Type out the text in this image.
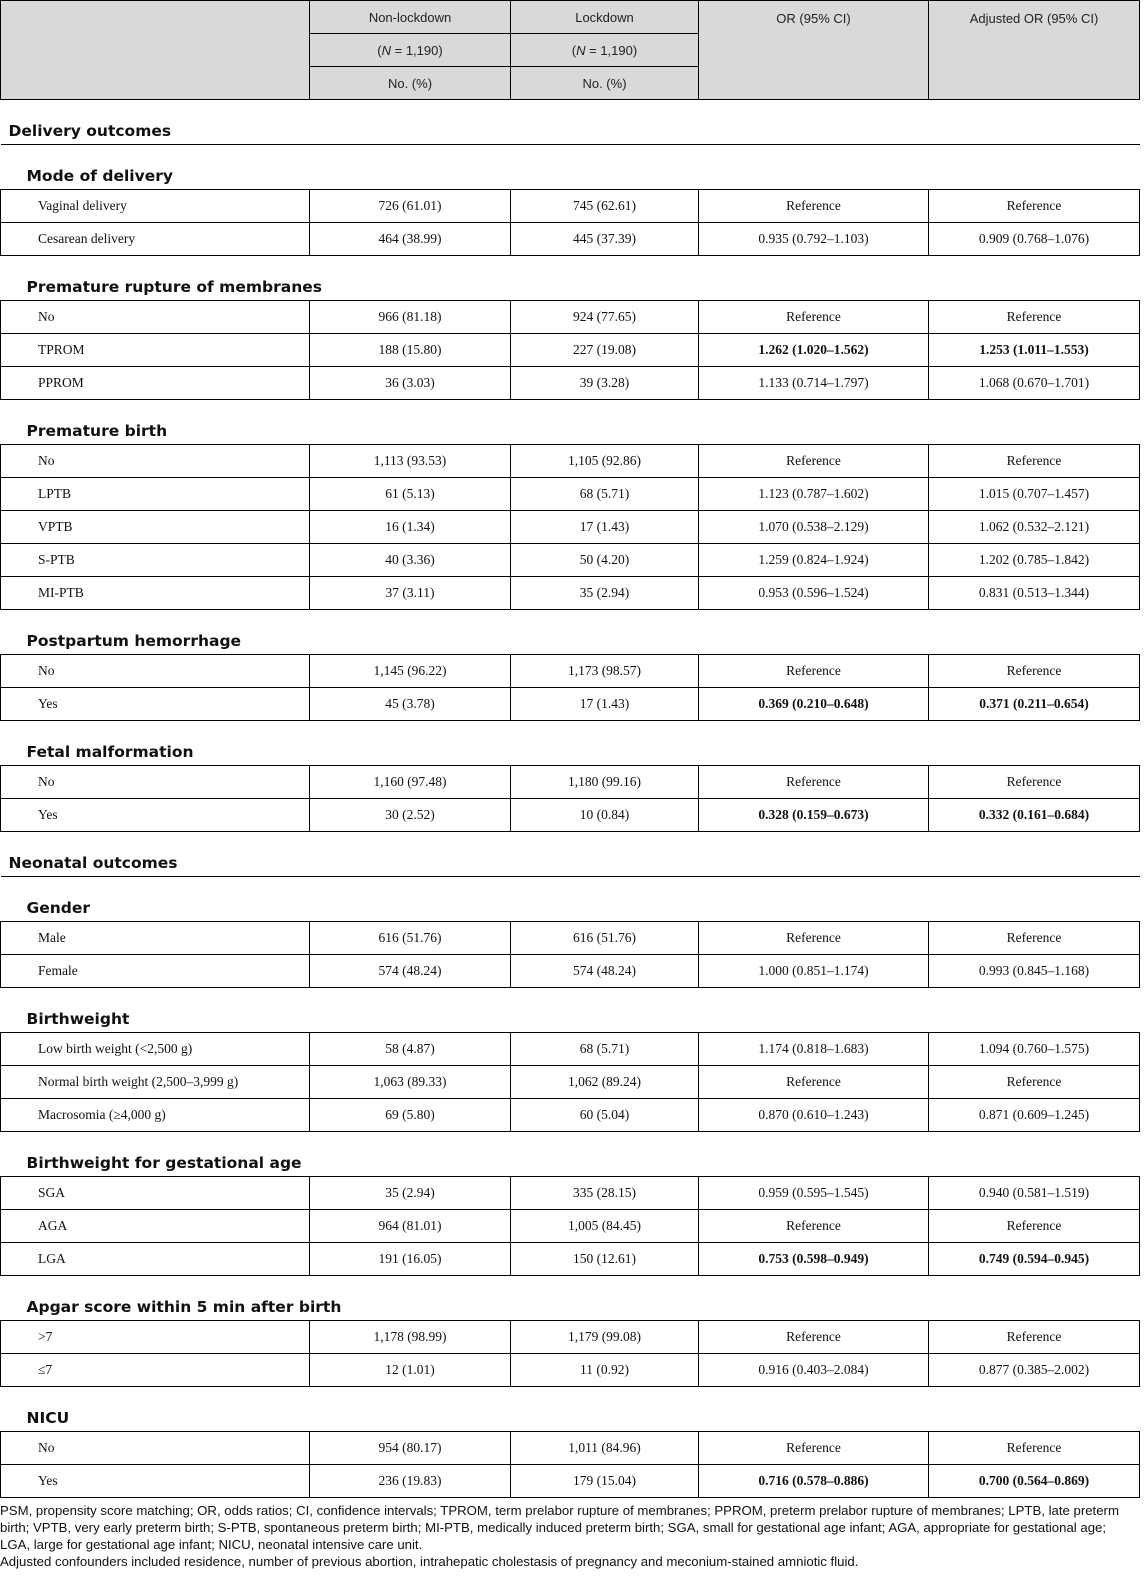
	Non-lockdown	Lockdown	OR (95% CI)	Adjusted OR (95% CI)
	(N = 1,190)	(N = 1,190)		
	No. (%)	No. (%)		
Delivery outcomes				
Mode of delivery				
Vaginal delivery	726 (61.01)	745 (62.61)	Reference	Reference
Cesarean delivery	464 (38.99)	445 (37.39)	0.935 (0.792–1.103)	0.909 (0.768–1.076)
Premature rupture of membranes				
No	966 (81.18)	924 (77.65)	Reference	Reference
TPROM	188 (15.80)	227 (19.08)	1.262 (1.020–1.562)	1.253 (1.011–1.553)
PPROM	36 (3.03)	39 (3.28)	1.133 (0.714–1.797)	1.068 (0.670–1.701)
Premature birth				
No	1,113 (93.53)	1,105 (92.86)	Reference	Reference
LPTB	61 (5.13)	68 (5.71)	1.123 (0.787–1.602)	1.015 (0.707–1.457)
VPTB	16 (1.34)	17 (1.43)	1.070 (0.538–2.129)	1.062 (0.532–2.121)
S-PTB	40 (3.36)	50 (4.20)	1.259 (0.824–1.924)	1.202 (0.785–1.842)
MI-PTB	37 (3.11)	35 (2.94)	0.953 (0.596–1.524)	0.831 (0.513–1.344)
Postpartum hemorrhage				
No	1,145 (96.22)	1,173 (98.57)	Reference	Reference
Yes	45 (3.78)	17 (1.43)	0.369 (0.210–0.648)	0.371 (0.211–0.654)
Fetal malformation				
No	1,160 (97.48)	1,180 (99.16)	Reference	Reference
Yes	30 (2.52)	10 (0.84)	0.328 (0.159–0.673)	0.332 (0.161–0.684)
Neonatal outcomes				
Gender				
Male	616 (51.76)	616 (51.76)	Reference	Reference
Female	574 (48.24)	574 (48.24)	1.000 (0.851–1.174)	0.993 (0.845–1.168)
Birthweight				
Low birth weight (<2,500 g)	58 (4.87)	68 (5.71)	1.174 (0.818–1.683)	1.094 (0.760–1.575)
Normal birth weight (2,500–3,999 g)	1,063 (89.33)	1,062 (89.24)	Reference	Reference
Macrosomia (≥4,000 g)	69 (5.80)	60 (5.04)	0.870 (0.610–1.243)	0.871 (0.609–1.245)
Birthweight for gestational age				
SGA	35 (2.94)	335 (28.15)	0.959 (0.595–1.545)	0.940 (0.581–1.519)
AGA	964 (81.01)	1,005 (84.45)	Reference	Reference
LGA	191 (16.05)	150 (12.61)	0.753 (0.598–0.949)	0.749 (0.594–0.945)
Apgar score within 5 min after birth				
>7	1,178 (98.99)	1,179 (99.08)	Reference	Reference
≤7	12 (1.01)	11 (0.92)	0.916 (0.403–2.084)	0.877 (0.385–2.002)
NICU				
No	954 (80.17)	1,011 (84.96)	Reference	Reference
Yes	236 (19.83)	179 (15.04)	0.716 (0.578–0.886)	0.700 (0.564–0.869)

PSM, propensity score matching; OR, odds ratios; CI, confidence intervals; TPROM, term prelabor rupture of membranes; PPROM, preterm prelabor rupture of membranes; LPTB, late preterm birth; VPTB, very early preterm birth; S-PTB, spontaneous preterm birth; MI-PTB, medically induced preterm birth; SGA, small for gestational age infant; AGA, appropriate for gestational age; LGA, large for gestational age infant; NICU, neonatal intensive care unit.

Adjusted confounders included residence, number of previous abortion, intrahepatic cholestasis of pregnancy and meconium-stained amniotic fluid.
